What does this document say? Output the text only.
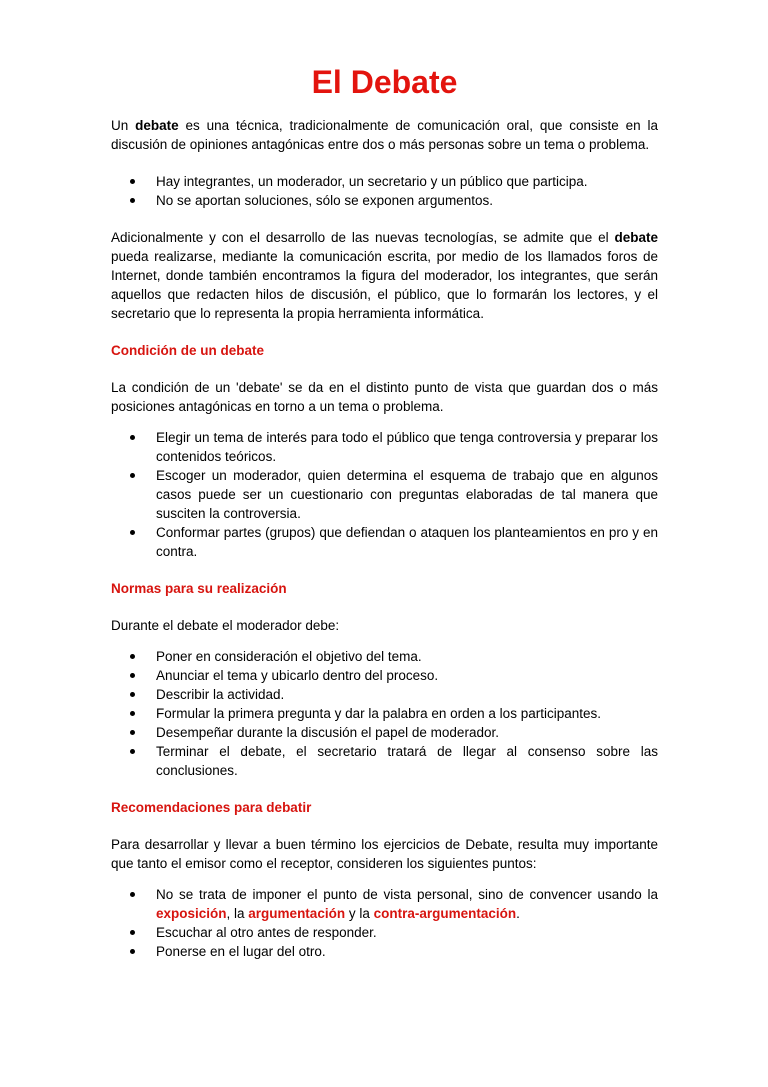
El Debate

Un debate es una técnica, tradicionalmente de comunicación oral, que consiste en la discusión de opiniones antagónicas entre dos o más personas sobre un tema o problema.

Hay integrantes, un moderador, un secretario y un público que participa.
No se aportan soluciones, sólo se exponen argumentos.

Adicionalmente y con el desarrollo de las nuevas tecnologías, se admite que el debate pueda realizarse, mediante la comunicación escrita, por medio de los llamados foros de Internet, donde también encontramos la figura del moderador, los integrantes, que serán aquellos que redacten hilos de discusión, el público, que lo formarán los lectores, y el secretario que lo representa la propia herramienta informática.

Condición de un debate

La condición de un 'debate' se da en el distinto punto de vista que guardan dos o más posiciones antagónicas en torno a un tema o problema.

Elegir un tema de interés para todo el público que tenga controversia y preparar los contenidos teóricos.
Escoger un moderador, quien determina el esquema de trabajo que en algunos casos puede ser un cuestionario con preguntas elaboradas de tal manera que susciten la controversia.
Conformar partes (grupos) que defiendan o ataquen los planteamientos en pro y en contra.

Normas para su realización

Durante el debate el moderador debe:

Poner en consideración el objetivo del tema.
Anunciar el tema y ubicarlo dentro del proceso.
Describir la actividad.
Formular la primera pregunta y dar la palabra en orden a los participantes.
Desempeñar durante la discusión el papel de moderador.
Terminar el debate, el secretario tratará de llegar al consenso sobre las conclusiones.

Recomendaciones para debatir

Para desarrollar y llevar a buen término los ejercicios de Debate, resulta muy importante que tanto el emisor como el receptor, consideren los siguientes puntos:

No se trata de imponer el punto de vista personal, sino de convencer usando la exposición, la argumentación y la contra-argumentación.
Escuchar al otro antes de responder.
Ponerse en el lugar del otro.
